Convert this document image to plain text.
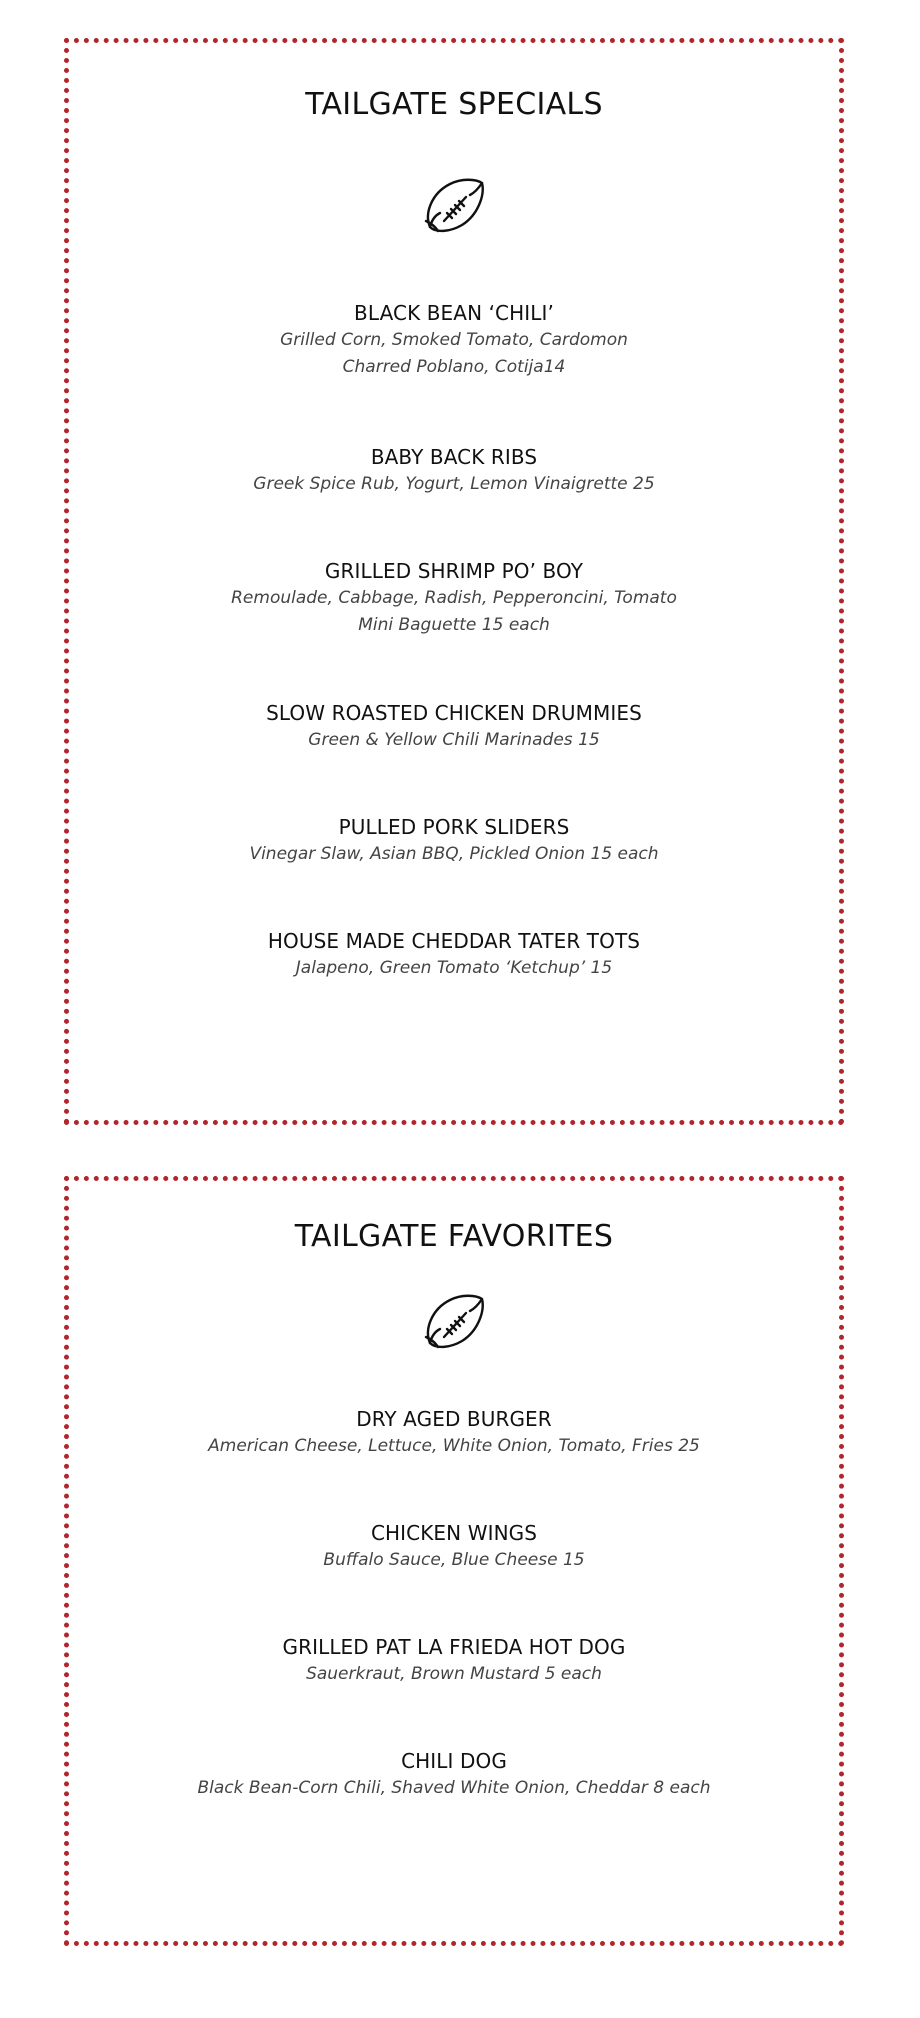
TAILGATE SPECIALS

BLACK BEAN ‘CHILI’

Grilled Corn, Smoked Tomato, Cardomon

Charred Poblano, Cotija14

BABY BACK RIBS

Greek Spice Rub, Yogurt, Lemon Vinaigrette 25

GRILLED SHRIMP PO’ BOY

Remoulade, Cabbage, Radish, Pepperoncini, Tomato

Mini Baguette 15 each

SLOW ROASTED CHICKEN DRUMMIES

Green & Yellow Chili Marinades 15

PULLED PORK SLIDERS

Vinegar Slaw, Asian BBQ, Pickled Onion 15 each

HOUSE MADE CHEDDAR TATER TOTS

Jalapeno, Green Tomato ‘Ketchup’ 15

TAILGATE FAVORITES

DRY AGED BURGER

American Cheese, Lettuce, White Onion, Tomato, Fries 25

CHICKEN WINGS

Buffalo Sauce, Blue Cheese 15

GRILLED PAT LA FRIEDA HOT DOG

Sauerkraut, Brown Mustard 5 each

CHILI DOG

Black Bean-Corn Chili, Shaved White Onion, Cheddar 8 each
